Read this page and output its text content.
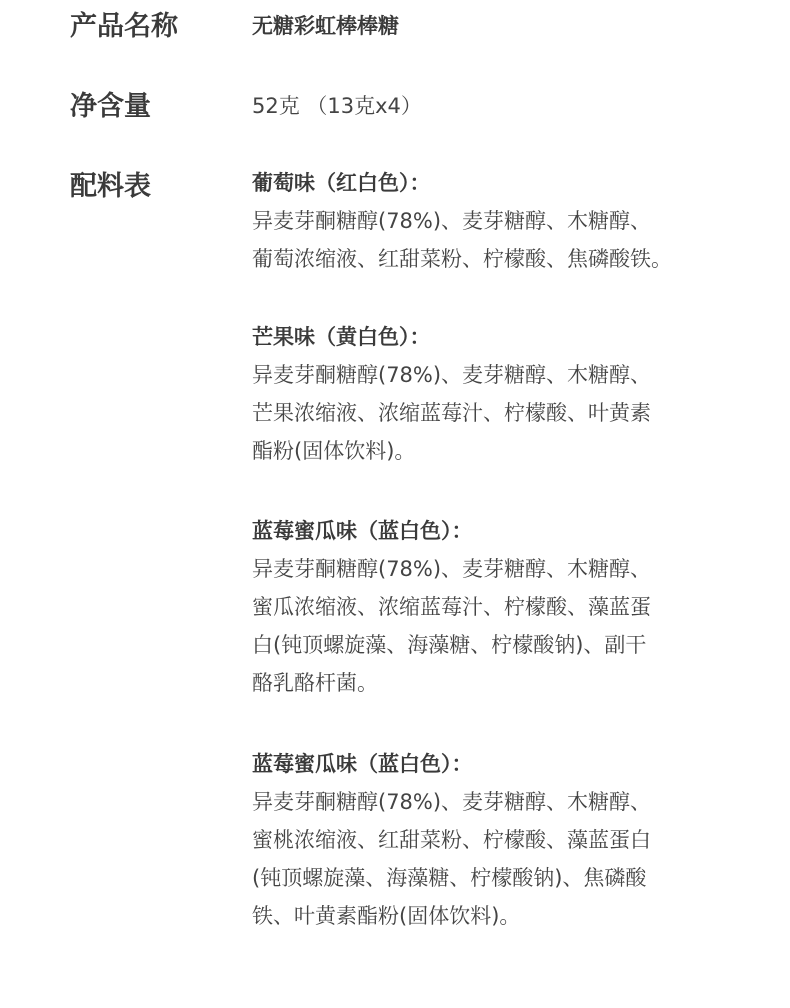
产品名称	无糖彩虹棒棒糖
净含量	52克 （13克x4）
配料表	葡萄味（红白色）：
异麦芽酮糖醇(78%)、麦芽糖醇、木糖醇、
葡萄浓缩液、红甜菜粉、柠檬酸、焦磷酸铁。
芒果味（黄白色）：
异麦芽酮糖醇(78%)、麦芽糖醇、木糖醇、
芒果浓缩液、浓缩蓝莓汁、柠檬酸、叶黄素
酯粉(固体饮料)。
蓝莓蜜瓜味（蓝白色）：
异麦芽酮糖醇(78%)、麦芽糖醇、木糖醇、
蜜瓜浓缩液、浓缩蓝莓汁、柠檬酸、藻蓝蛋
白(钝顶螺旋藻、海藻糖、柠檬酸钠)、副干
酪乳酪杆菌。
蓝莓蜜瓜味（蓝白色）：
异麦芽酮糖醇(78%)、麦芽糖醇、木糖醇、
蜜桃浓缩液、红甜菜粉、柠檬酸、藻蓝蛋白
(钝顶螺旋藻、海藻糖、柠檬酸钠)、焦磷酸
铁、叶黄素酯粉(固体饮料)。
